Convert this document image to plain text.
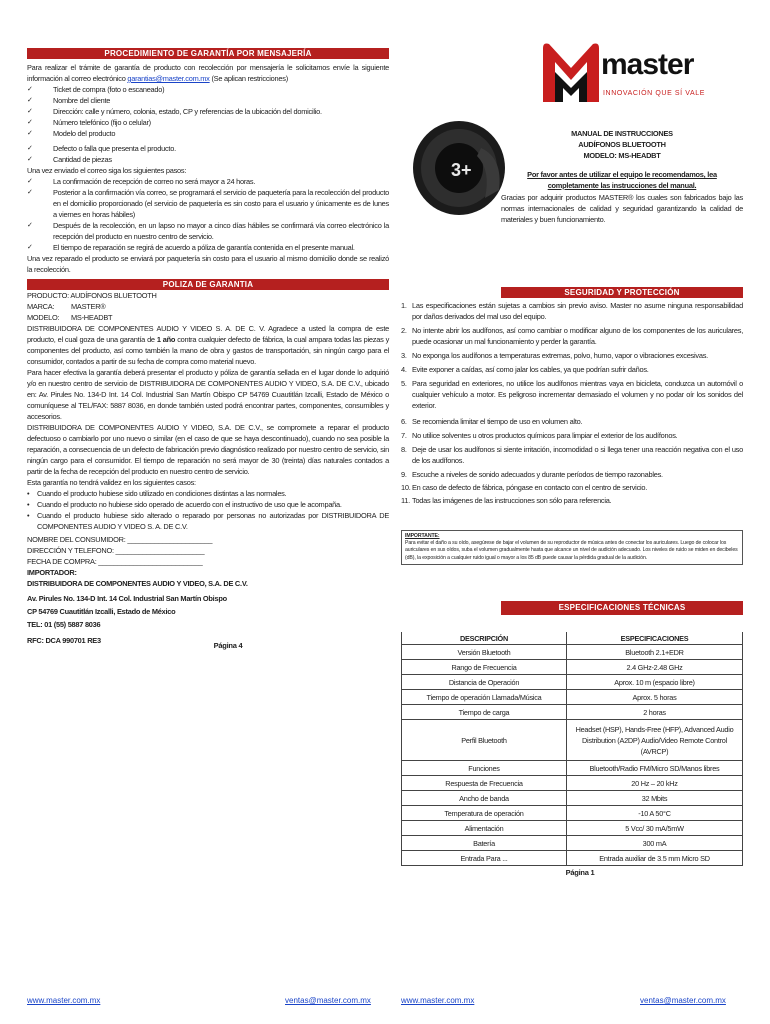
PROCEDIMIENTO DE GARANTÍA POR MENSAJERÍA
Para realizar el trámite de garantía de producto con recolección por mensajería le solicitamos envíe la siguiente información al correo electrónico garantias@master.com.mx (Se aplican restricciones)
✓ Ticket de compra (foto o escaneado)
✓ Nombre del cliente
✓ Dirección: calle y número, colonia, estado, CP y referencias de la ubicación del domicilio.
✓ Número telefónico (fijo o celular)
✓ Modelo del producto
✓ Defecto o falla que presenta el producto.
✓ Cantidad de piezas
Una vez enviado el correo siga los siguientes pasos:
✓ La confirmación de recepción de correo no será mayor a 24 horas.
✓ Posterior a la confirmación vía correo, se programará el servicio de paquetería para la recolección del producto en el domicilio proporcionado (el servicio de paquetería es sin costo para el usuario y únicamente es de lunes a viernes en horas hábiles)
✓ Después de la recolección, en un lapso no mayor a cinco días hábiles se confirmará vía correo electrónico la recepción del producto en nuestro centro de servicio.
✓ El tiempo de reparación se regirá de acuerdo a póliza de garantía contenida en el presente manual.
Una vez reparado el producto se enviará por paquetería sin costo para el usuario al mismo domicilio donde se realizó la recolección.
POLIZA DE GARANTIA
PRODUCTO: AUDÍFONOS BLUETOOTH
MARCA: MASTER®
MODELO: MS-HEADBT
DISTRIBUIDORA DE COMPONENTES AUDIO Y VIDEO S. A. DE C. V. Agradece a usted la compra de este producto, el cual goza de una garantía de 1 año contra cualquier defecto de fábrica, la cual ampara todas las piezas y componentes del producto, así como también la mano de obra y gastos de transportación, sin ningún cargo para el consumidor, contados a partir de su fecha de compra como material nuevo.
Para hacer efectiva la garantía deberá presentar el producto y póliza de garantía sellada en el lugar donde lo adquirió y/o en nuestro centro de servicio de DISTRIBUIDORA DE COMPONENTES AUDIO Y VIDEO, S.A. DE C.V., ubicado en: Av. Pirules No. 134-D Int. 14 Col. Industrial San Martín Obispo CP 54769 Cuautitlán Izcalli, Estado de México o comuníquese al TEL/FAX: 5887 8036, en donde también usted podrá encontrar partes, componentes, consumibles y accesorios.
DISTRIBUIDORA DE COMPONENTES AUDIO Y VIDEO, S.A. DE C.V., se compromete a reparar el producto defectuoso o cambiarlo por uno nuevo o similar (en el caso de que se haya descontinuado), cuando no sea posible la reparación, a consecuencia de un defecto de fabricación previo diagnóstico realizado por nuestro centro de servicio, sin ningún cargo para el consumidor. El tiempo de reparación no será mayor de 30 (treinta) días naturales contados a partir de la fecha de recepción del producto en nuestro centro de servicio.
Esta garantía no tendrá validez en los siguientes casos:
• Cuando el producto hubiese sido utilizado en condiciones distintas a las normales.
• Cuando el producto no hubiese sido operado de acuerdo con el instructivo de uso que le acompaña.
• Cuando el producto hubiese sido alterado o reparado por personas no autorizadas por DISTRIBUIDORA DE COMPONENTES AUDIO Y VIDEO S. A. DE C.V.
NOMBRE DEL CONSUMIDOR: ______________________
DIRECCIÓN Y TELEFONO: _______________________
FECHA DE COMPRA: ___________________________
IMPORTADOR:
DISTRIBUIDORA DE COMPONENTES AUDIO Y VIDEO, S.A. DE C.V.
Av. Pirules No. 134-D Int. 14 Col. Industrial San Martín Obispo
CP 54769 Cuautitlán Izcalli, Estado de México
TEL: 01 (55) 5887 8036
RFC: DCA 990701 RE3
Página 4
www.master.com.mx	ventas@master.com.mx
master
INNOVACIÓN QUE SÍ VALE
3+
MANUAL DE INSTRUCCIONES
AUDÍFONOS BLUETOOTH
MODELO: MS-HEADBT
Por favor antes de utilizar el equipo le recomendamos, lea completamente las instrucciones del manual.
Gracias por adquirir productos MASTER® los cuales son fabricados bajo las normas internacionales de calidad y seguridad garantizando la calidad de materiales y buen funcionamiento.
SEGURIDAD Y PROTECCIÓN
1. Las especificaciones están sujetas a cambios sin previo aviso. Master no asume ninguna responsabilidad por daños derivados del mal uso del equipo.
2. No intente abrir los audífonos, así como cambiar o modificar alguno de los componentes de los auriculares, puede ocasionar un mal funcionamiento y perder la garantía.
3. No exponga los audífonos a temperaturas extremas, polvo, humo, vapor o vibraciones excesivas.
4. Evite exponer a caídas, así como jalar los cables, ya que podrían sufrir daños.
5. Para seguridad en exteriores, no utilice los audífonos mientras vaya en bicicleta, conduzca un automóvil o cualquier vehículo a motor. Es peligroso incrementar demasiado el volumen y no podar oír los sonidos del exterior.
6. Se recomienda limitar el tiempo de uso en volumen alto.
7. No utilice solventes u otros productos químicos para limpiar el exterior de los audífonos.
8. Deje de usar los audífonos si siente irritación, incomodidad o si llega tener una reacción negativa con el uso de los audífonos.
9. Escuche a niveles de sonido adecuados y durante períodos de tiempo razonables.
10. En caso de defecto de fábrica, póngase en contacto con el centro de servicio.
11. Todas las imágenes de las instrucciones son sólo para referencia.
IMPORTANTE:
Para evitar el daño a su oído, asegúrese de bajar el volumen de su reproductor de música antes de conectar los auriculares. Luego de colocar los auriculares en sus oídos, suba el volumen gradualmente hasta que alcance un nivel de audición adecuado. Los niveles de ruido se miden en decibeles (dB), la exposición a cualquier ruido igual o mayor a los 85 dB puede causar la pérdida gradual de la audición.
ESPECIFICACIONES TÉCNICAS
DESCRIPCIÓN	ESPECIFICACIONES
Versión Bluetooth	Bluetooth 2.1+EDR
Rango de Frecuencia	2.4 GHz-2.48 GHz
Distancia de Operación	Aprox. 10 m (espacio libre)
Tiempo de operación Llamada/Música	Aprox. 5 horas
Tiempo de carga	2 horas
Perfil Bluetooth	Headset (HSP), Hands-Free (HFP), Advanced Audio Distribution (A2DP) Audio/Video Remote Control (AVRCP)
Funciones	Bluetooth/Radio FM/Micro SD/Manos libres
Respuesta de Frecuencia	20 Hz – 20 kHz
Ancho de banda	32 Mbits
Temperatura de operación	-10 A 50°C
Alimentación	5 Vcc/ 30 mA/5mW
Batería	300 mA
Entrada Para ...	Entrada auxiliar de 3.5 mm Micro SD
Página 1
www.master.com.mx	ventas@master.com.mx
